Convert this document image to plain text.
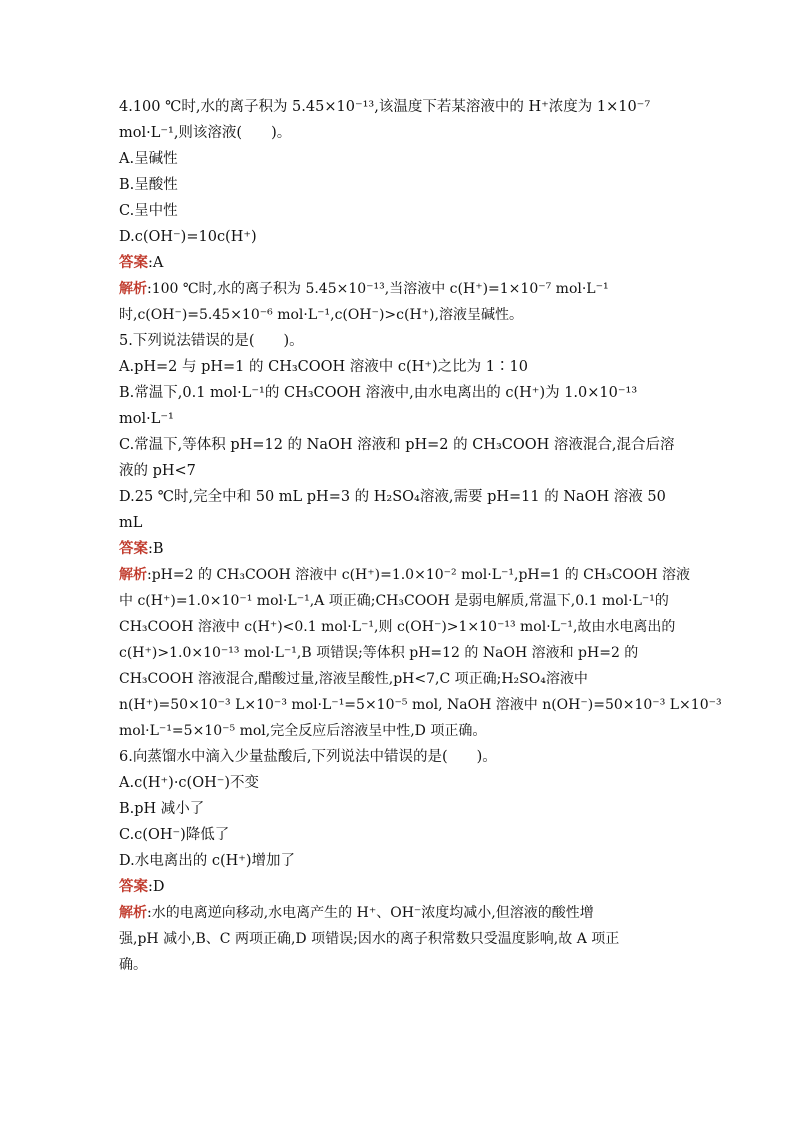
4.100 ℃时,水的离子积为 5.45×10⁻¹³,该温度下若某溶液中的 H⁺浓度为 1×10⁻⁷
mol·L⁻¹,则该溶液(　　)。
A.呈碱性
B.呈酸性
C.呈中性
D.c(OH⁻)=10c(H⁺)
答案:A
解析:100 ℃时,水的离子积为 5.45×10⁻¹³,当溶液中 c(H⁺)=1×10⁻⁷ mol·L⁻¹
时,c(OH⁻)=5.45×10⁻⁶ mol·L⁻¹,c(OH⁻)>c(H⁺),溶液呈碱性。
5.下列说法错误的是(　　)。
A.pH=2 与 pH=1 的 CH₃COOH 溶液中 c(H⁺)之比为 1∶10
B.常温下,0.1 mol·L⁻¹的 CH₃COOH 溶液中,由水电离出的 c(H⁺)为 1.0×10⁻¹³ mol·L⁻¹
C.常温下,等体积 pH=12 的 NaOH 溶液和 pH=2 的 CH₃COOH 溶液混合,混合后溶液的 pH<7
D.25 ℃时,完全中和 50 mL pH=3 的 H₂SO₄溶液,需要 pH=11 的 NaOH 溶液 50 mL
答案:B
解析:pH=2 的 CH₃COOH 溶液中 c(H⁺)=1.0×10⁻² mol·L⁻¹,pH=1 的 CH₃COOH 溶液
中 c(H⁺)=1.0×10⁻¹ mol·L⁻¹,A 项正确;CH₃COOH 是弱电解质,常温下,0.1 mol·L⁻¹的
CH₃COOH 溶液中 c(H⁺)<0.1 mol·L⁻¹,则 c(OH⁻)>1×10⁻¹³ mol·L⁻¹,故由水电离出的
c(H⁺)>1.0×10⁻¹³ mol·L⁻¹,B 项错误;等体积 pH=12 的 NaOH 溶液和 pH=2 的
CH₃COOH 溶液混合,醋酸过量,溶液呈酸性,pH<7,C 项正确;H₂SO₄溶液中
n(H⁺)=50×10⁻³ L×10⁻³ mol·L⁻¹=5×10⁻⁵ mol, NaOH 溶液中 n(OH⁻)=50×10⁻³ L×10⁻³
mol·L⁻¹=5×10⁻⁵ mol,完全反应后溶液呈中性,D 项正确。
6.向蒸馏水中滴入少量盐酸后,下列说法中错误的是(　　)。
A.c(H⁺)·c(OH⁻)不变
B.pH 减小了
C.c(OH⁻)降低了
D.水电离出的 c(H⁺)增加了
答案:D
解析:水的电离逆向移动,水电离产生的 H⁺、OH⁻浓度均减小,但溶液的酸性增
强,pH 减小,B、C 两项正确,D 项错误;因水的离子积常数只受温度影响,故 A 项正
确。
